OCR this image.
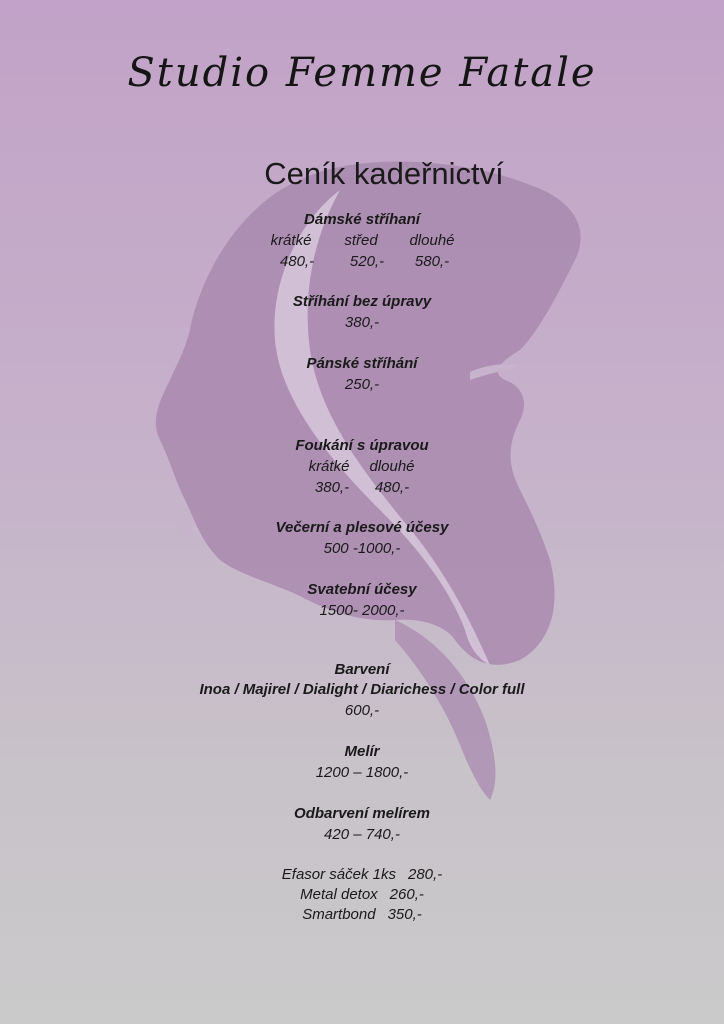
Studio Femme Fatale
Ceník kadeřnictví
Dámské stříhaní
krátké	střed	dlouhé
480,-	520,-	580,-
Stříhání bez úpravy
380,-
Pánské stříhání
250,-
Foukání s úpravou
krátké	dlouhé
380,-	480,-
Večerní a plesové účesy
500 -1000,-
Svatební účesy
1500- 2000,-
Barvení
Inoa / Majirel / Dialight / Diarichess / Color full
600,-
Melír
1200 – 1800,-
Odbarvení melírem
420 – 740,-
Efasor sáček 1ks 280,-
Metal detox 260,-
Smartbond 350,-
